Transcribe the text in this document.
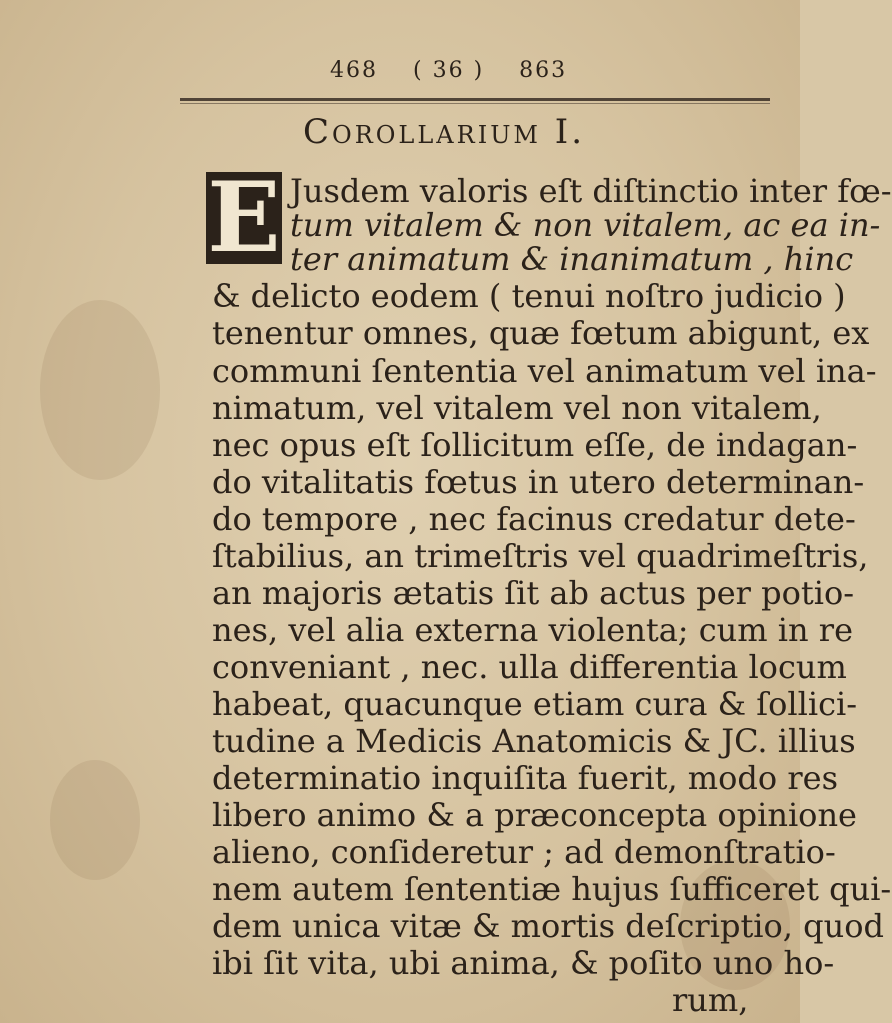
468 ( 36 ) 863
Corollarium I.
E Jusdem valoris eſt diſtinctio inter fœ-
tum vitalem & non vitalem, ac ea in-
ter animatum & inanimatum , hinc
& delicto eodem ( tenui noſtro judicio )
tenentur omnes, quæ fœtum abigunt, ex
communi ſententia vel animatum vel ina-
nimatum, vel vitalem vel non vitalem,
nec opus eſt ſollicitum eſſe, de indagan-
do vitalitatis fœtus in utero determinan-
do tempore , nec facinus credatur dete-
ſtabilius, an trimeſtris vel quadrimeſtris,
an majoris ætatis ſit ab actus per potio-
nes, vel alia externa violenta; cum in re
conveniant , nec. ulla differentia locum
habeat, quacunque etiam cura & ſollici-
tudine a Medicis Anatomicis & JC. illius
determinatio inquiſita fuerit, modo res
libero animo & a præconcepta opinione
alieno, conſideretur ; ad demonſtratio-
nem autem ſententiæ hujus ſufficeret qui-
dem unica vitæ & mortis deſcriptio, quod
ibi ſit vita, ubi anima, & poſito uno ho-
rum,
